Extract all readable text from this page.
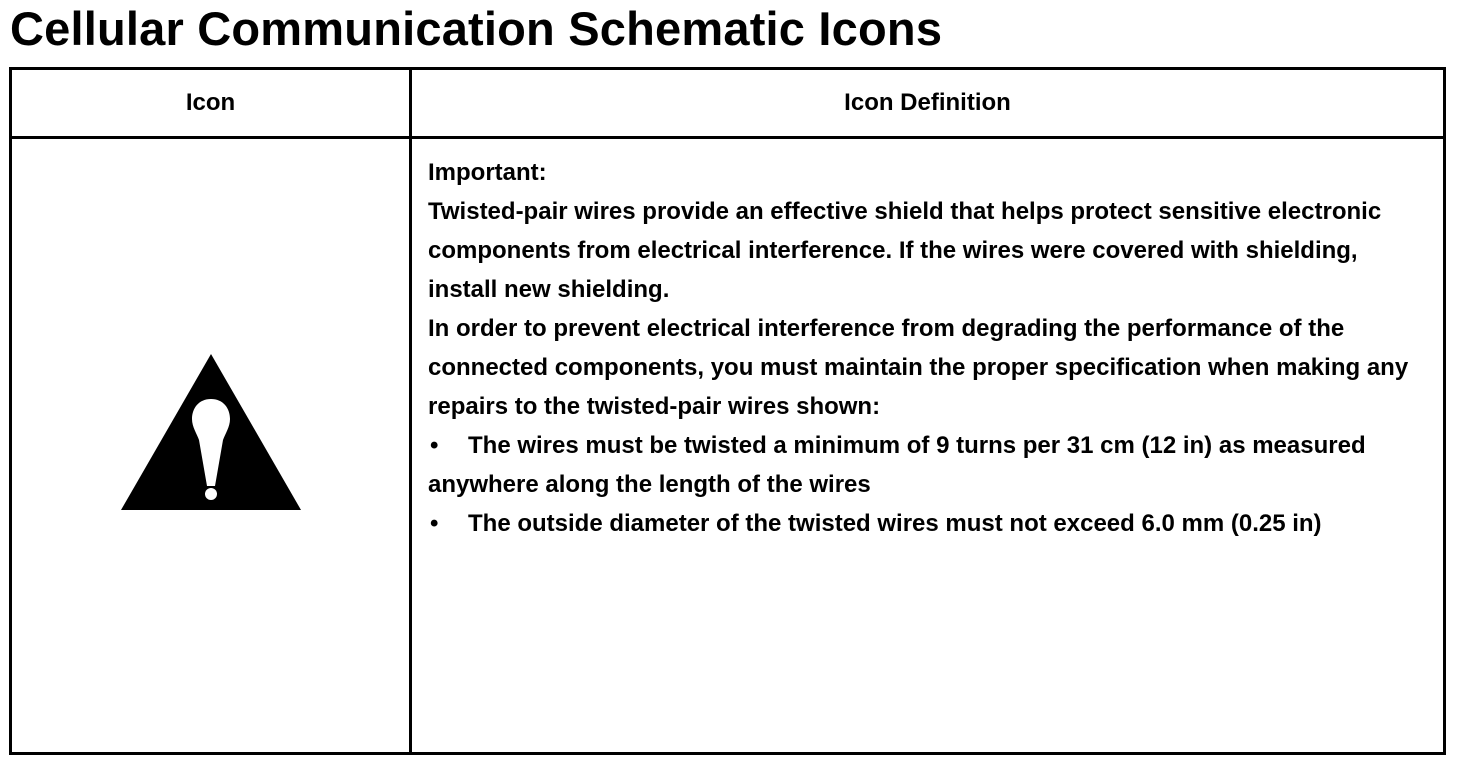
Cellular Communication Schematic Icons
Icon	Icon Definition

Important:

Twisted-pair wires provide an effective shield that helps protect sensitive electronic components from electrical interference. If the wires were covered with shielding, install new shielding.

In order to prevent electrical interference from degrading the performance of the connected components, you must maintain the proper specification when making any repairs to the twisted-pair wires shown:

• The wires must be twisted a minimum of 9 turns per 31 cm (12 in) as measured anywhere along the length of the wires

• The outside diameter of the twisted wires must not exceed 6.0 mm (0.25 in)
